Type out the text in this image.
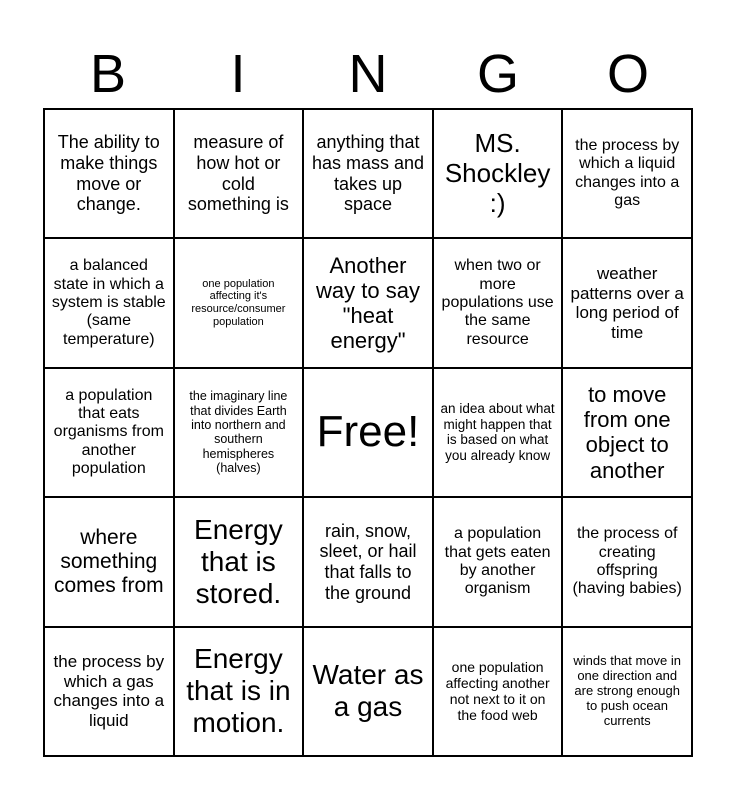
B	I	N	G	O
The ability to make things move or change.
measure of how hot or cold something is
anything that has mass and takes up space
MS. Shockley :)
the process by which a liquid changes into a gas
a balanced state in which a system is stable (same temperature)
one population affecting it's resource/consumer population
Another way to say "heat energy"
when two or more populations use the same resource
weather patterns over a long period of time
a population that eats organisms from another population
the imaginary line that divides Earth into northern and southern hemispheres (halves)
Free! an idea about what might happen that is based on what you already know
to move from one object to another
where something comes from
Energy that is stored.
rain, snow, sleet, or hail that falls to the ground
a population that gets eaten by another organism
the process of creating offspring (having babies)
the process by which a gas changes into a liquid
Energy that is in motion.
Water as a gas
one population affecting another not next to it on the food web
winds that move in one direction and are strong enough to push ocean currents
